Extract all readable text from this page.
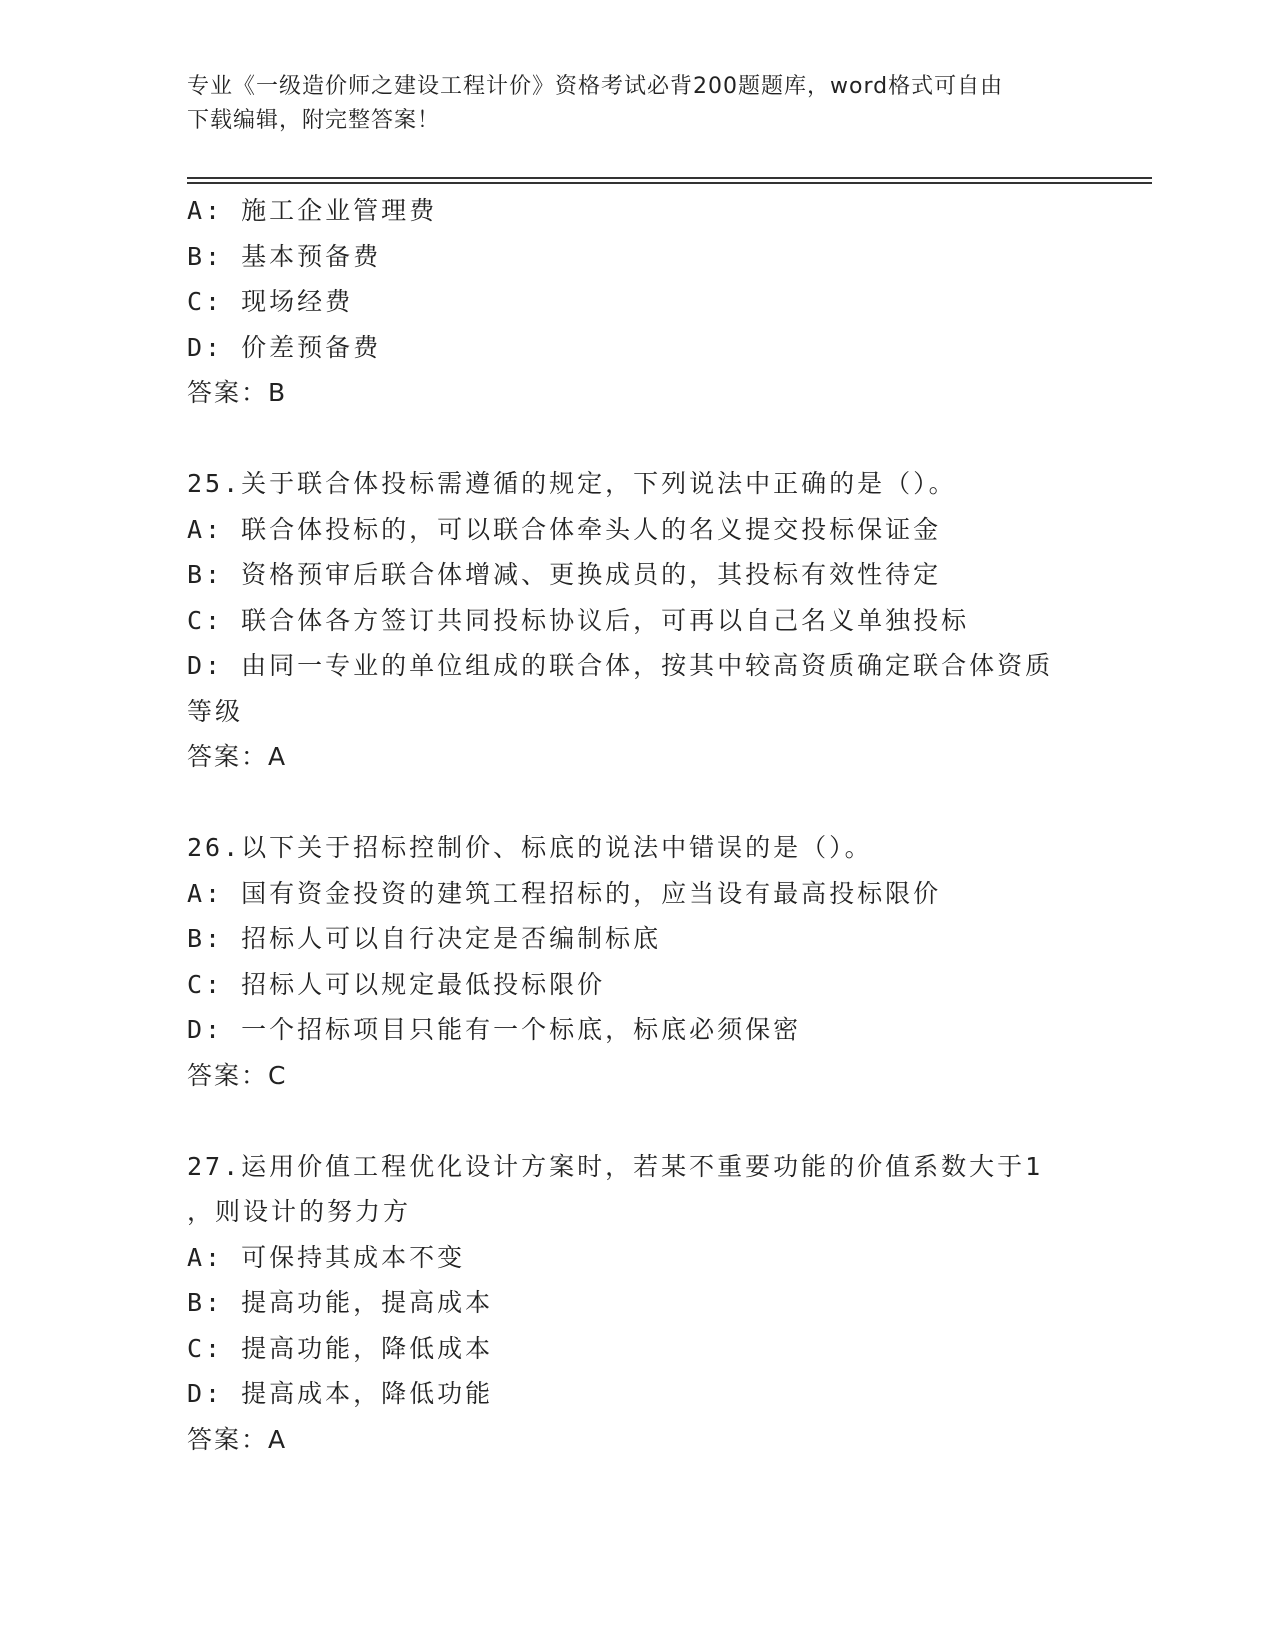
专业《一级造价师之建设工程计价》资格考试必背200题题库，word格式可自由
下载编辑，附完整答案！
A: 施工企业管理费
B: 基本预备费
C: 现场经费
D: 价差预备费
答案：B
25.关于联合体投标需遵循的规定，下列说法中正确的是（）。
A: 联合体投标的，可以联合体牵头人的名义提交投标保证金
B: 资格预审后联合体增减、更换成员的，其投标有效性待定
C: 联合体各方签订共同投标协议后，可再以自己名义单独投标
D: 由同一专业的单位组成的联合体，按其中较高资质确定联合体资质
等级
答案：A
26.以下关于招标控制价、标底的说法中错误的是（）。
A: 国有资金投资的建筑工程招标的，应当设有最高投标限价
B: 招标人可以自行决定是否编制标底
C: 招标人可以规定最低投标限价
D: 一个招标项目只能有一个标底，标底必须保密
答案：C
27.运用价值工程优化设计方案时，若某不重要功能的价值系数大于1
，则设计的努力方
A: 可保持其成本不变
B: 提高功能，提高成本
C: 提高功能，降低成本
D: 提高成本，降低功能
答案：A
